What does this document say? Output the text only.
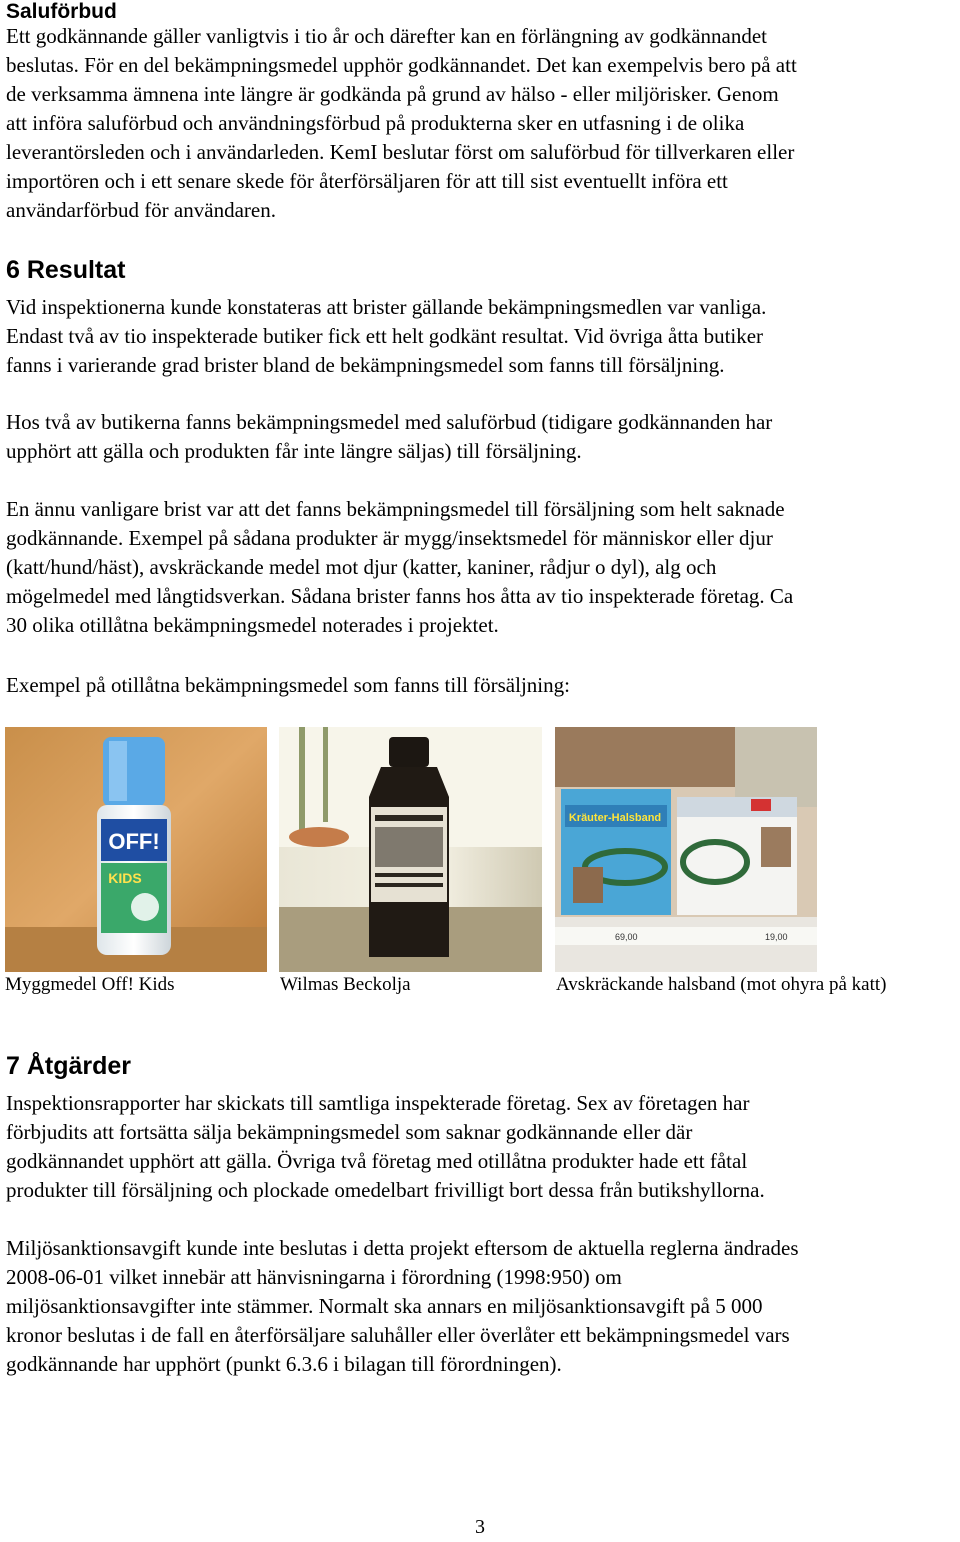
Saluförbud
Ett godkännande gäller vanligtvis i tio år och därefter kan en förlängning av godkännandet
beslutas. För en del bekämpningsmedel upphör godkännandet. Det kan exempelvis bero på att
de verksamma ämnena inte längre är godkända på grund av hälso - eller miljörisker. Genom
att införa saluförbud och användningsförbud på produkterna sker en utfasning i de olika
leverantörsleden och i användarleden. KemI beslutar först om saluförbud för tillverkaren eller
importören och i ett senare skede för återförsäljaren för att till sist eventuellt införa ett
användarförbud för användaren.
6 Resultat
Vid inspektionerna kunde konstateras att brister gällande bekämpningsmedlen var vanliga.
Endast två av tio inspekterade butiker fick ett helt godkänt resultat. Vid övriga åtta butiker
fanns i varierande grad brister bland de bekämpningsmedel som fanns till försäljning.
Hos två av butikerna fanns bekämpningsmedel med saluförbud (tidigare godkännanden har
upphört att gälla och produkten får inte längre säljas) till försäljning.
En ännu vanligare brist var att det fanns bekämpningsmedel till försäljning som helt saknade
godkännande. Exempel på sådana produkter är mygg/insektsmedel för människor eller djur
(katt/hund/häst), avskräckande medel mot djur (katter, kaniner, rådjur o dyl), alg och
mögelmedel med långtidsverkan. Sådana brister fanns hos åtta av tio inspekterade företag. Ca
30 olika otillåtna bekämpningsmedel noterades i projektet.
Exempel på otillåtna bekämpningsmedel som fanns till försäljning:
7 Åtgärder
Inspektionsrapporter har skickats till samtliga inspekterade företag. Sex av företagen har
förbjudits att fortsätta sälja bekämpningsmedel som saknar godkännande eller där
godkännandet upphört att gälla. Övriga två företag med otillåtna produkter hade ett fåtal
produkter till försäljning och plockade omedelbart frivilligt bort dessa från butikshyllorna.
Miljösanktionsavgift kunde inte beslutas i detta projekt eftersom de aktuella reglerna ändrades
2008-06-01 vilket innebär att hänvisningarna i förordning (1998:950) om
miljösanktionsavgifter inte stämmer. Normalt ska annars en miljösanktionsavgift på 5 000
kronor beslutas i de fall en återförsäljare saluhåller eller överlåter ett bekämpningsmedel vars
godkännande har upphört (punkt 6.3.6 i bilagan till förordningen).
OFF!
KIDS
69,00	19,00
Kräuter-Halsband
Myggmedel Off! Kids	Wilmas Beckolja	Avskräckande halsband (mot ohyra på katt)
3
